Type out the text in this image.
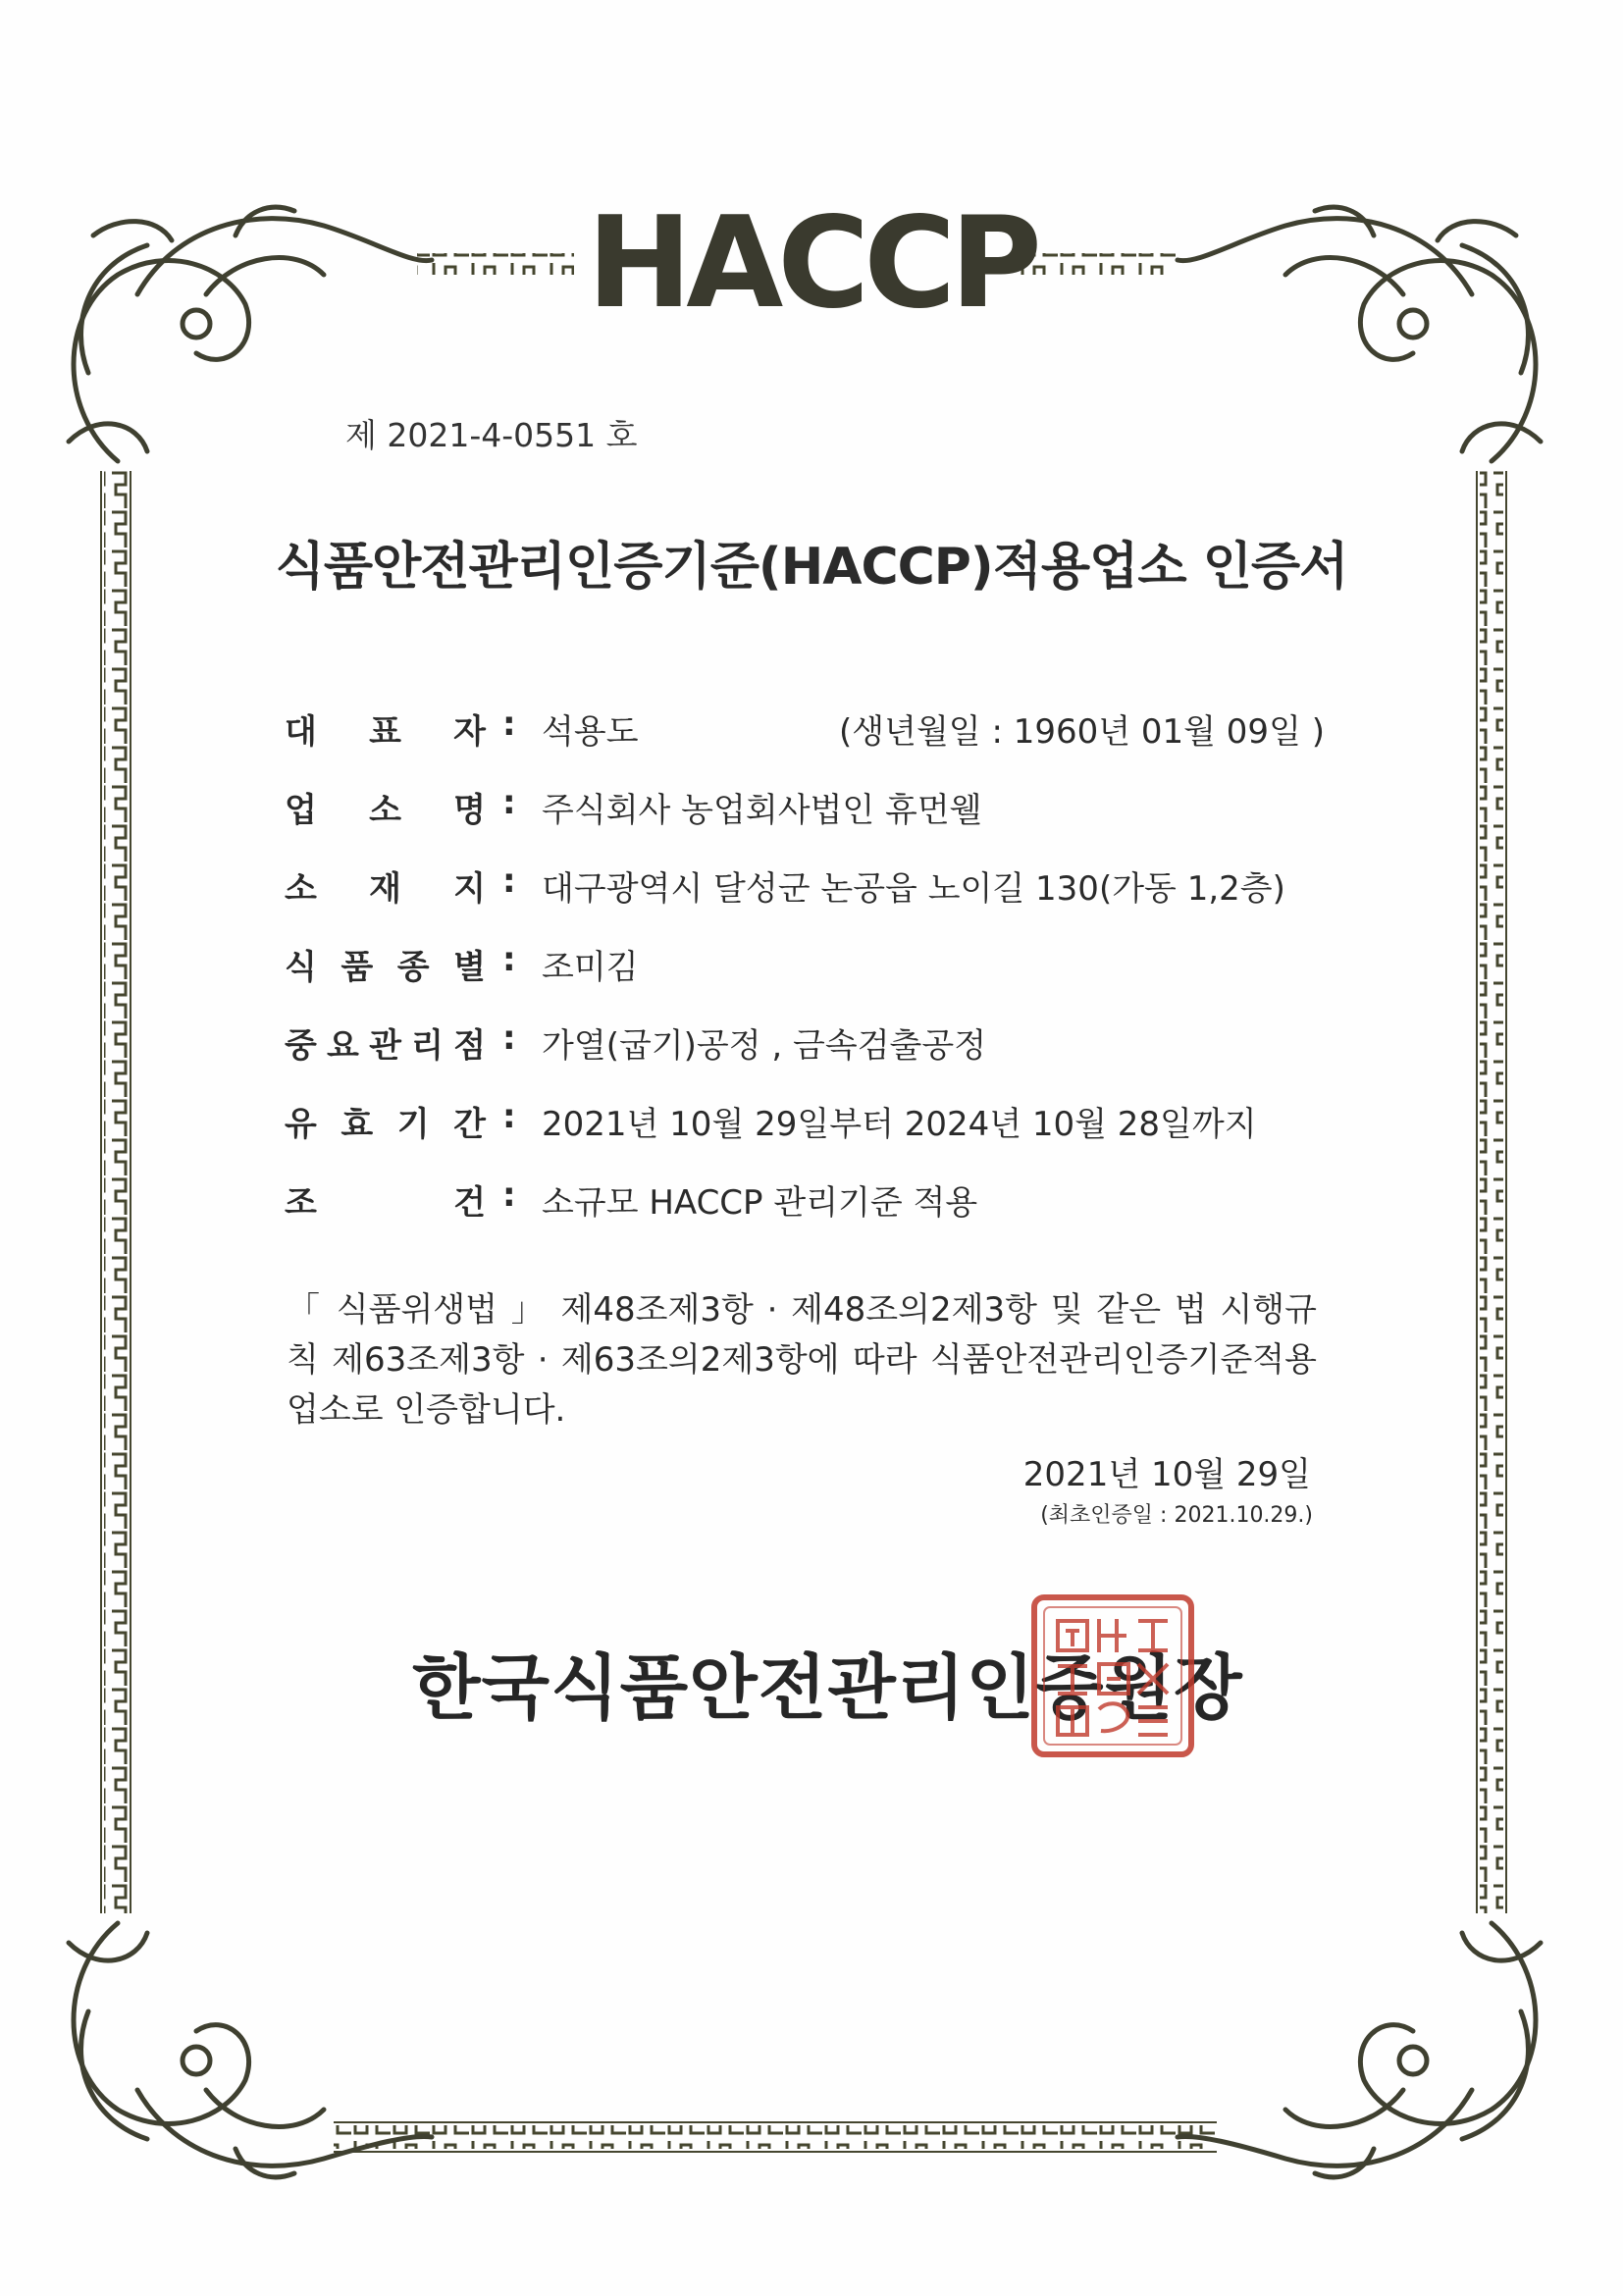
HACCP
제 2021-4-0551 호
식품안전관리인증기준(HACCP)적용업소 인증서
대 표 자 : 석용도	(생년월일 : 1960년 01월 09일 )
업 소 명 : 주식회사 농업회사법인 휴먼웰
소 재 지 : 대구광역시 달성군 논공읍 노이길 130(가동 1,2층)
식 품 종 별 : 조미김
중 요 관 리 점 : 가열(굽기)공정 , 금속검출공정
유 효 기 간 : 2021년 10월 29일부터 2024년 10월 28일까지
조	건 : 소규모 HACCP 관리기준 적용
「 식품위생법 」 제48조제3항 · 제48조의2제3항 및 같은 법 시행규칙 제63조제3항 · 제63조의2제3항에 따라 식품안전관리인증기준적용업소로 인증합니다.
2021년 10월 29일
(최초인증일 : 2021.10.29.)
한국식품안전관리인증원장
